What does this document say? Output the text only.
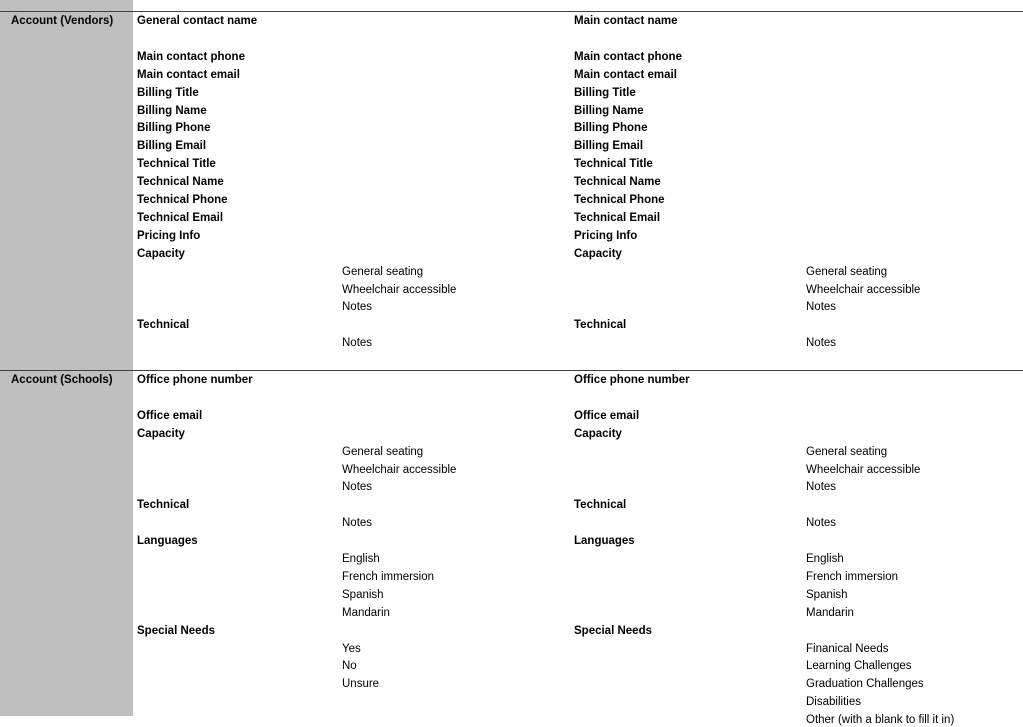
Account (Vendors) General contact name
Main contact phone
Main contact email
Billing Title
Billing Name
Billing Phone
Billing Email
Technical Title
Technical Name
Technical Phone
Technical Email
Pricing Info
Capacity
General seating
Wheelchair accessible
Notes
Technical
Notes
Main contact name
Main contact phone
Main contact email
Billing Title
Billing Name
Billing Phone
Billing Email
Technical Title
Technical Name
Technical Phone
Technical Email
Pricing Info
Capacity
General seating
Wheelchair accessible
Notes
Technical
Notes
Account (Schools) Office phone number
Office email
Capacity
General seating
Wheelchair accessible
Notes
Technical
Notes
Languages
English
French immersion
Spanish
Mandarin
Special Needs
Yes
No
Unsure
Office phone number
Office email
Capacity
General seating
Wheelchair accessible
Notes
Technical
Notes
Languages
English
French immersion
Spanish
Mandarin
Special Needs
Finanical Needs
Learning Challenges
Graduation Challenges
Disabilities
Other (with a blank to fill it in)
